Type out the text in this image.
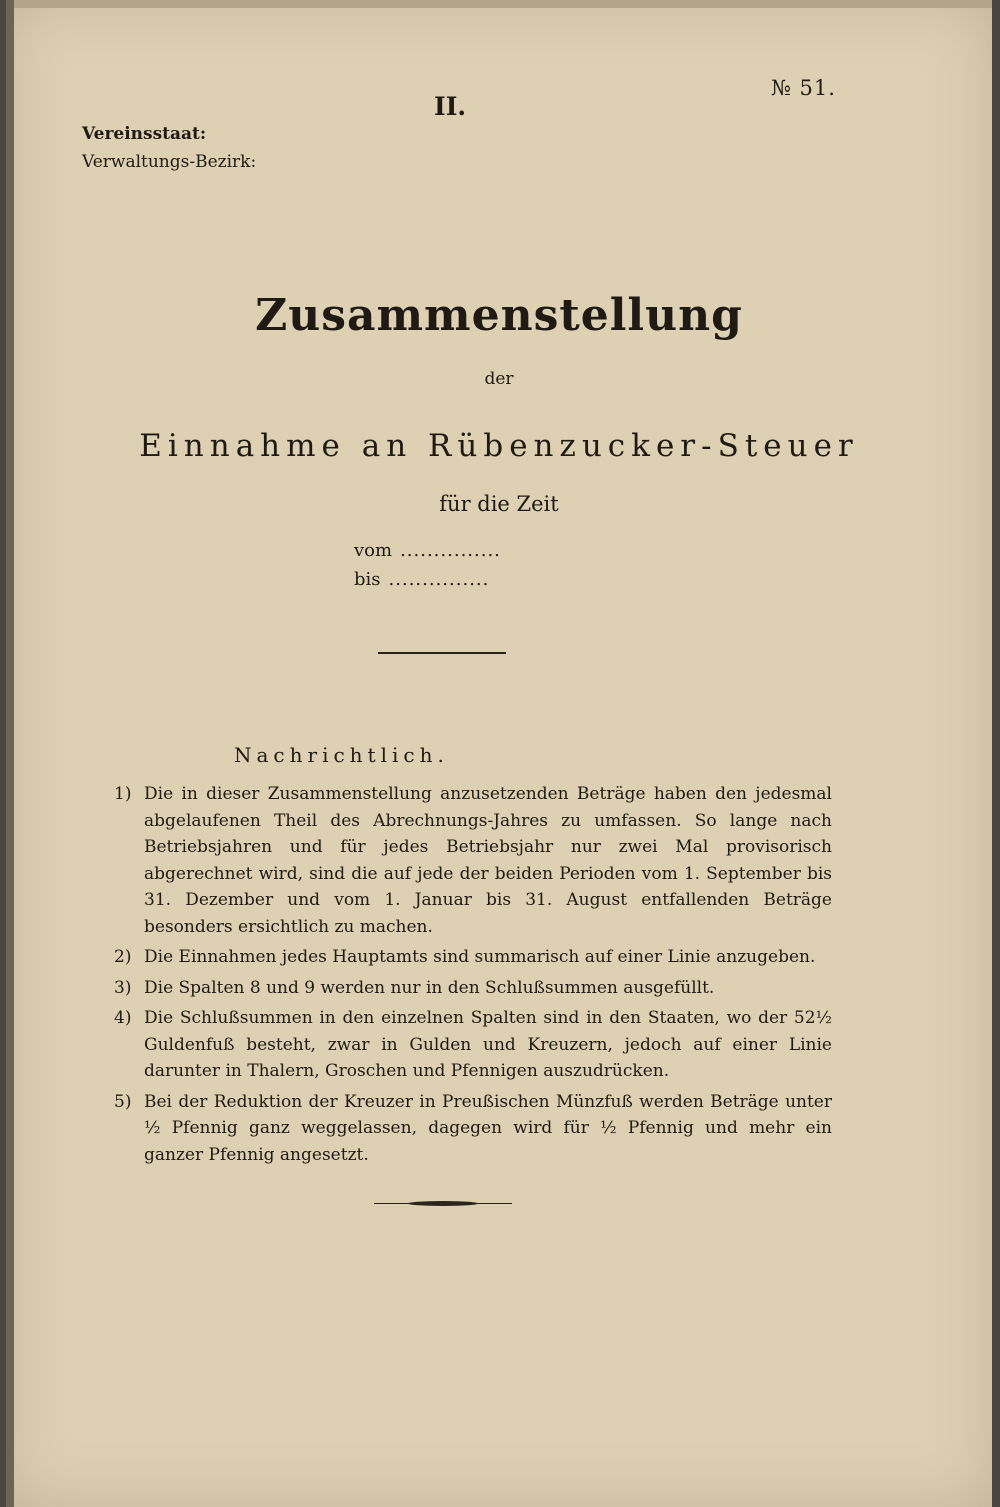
№ 51.
II.
Vereinsstaat:
Verwaltungs-Bezirk:
Zusammenstellung
der
Einnahme an Rübenzucker-Steuer
für die Zeit
vom ...............
bis ...............
Nachrichtlich.
1) Die in dieser Zusammenstellung anzusetzenden Beträge haben den jedesmal abgelaufenen Theil des Abrechnungs-Jahres zu umfassen. So lange nach Betriebsjahren und für jedes Betriebsjahr nur zwei Mal provisorisch abgerechnet wird, sind die auf jede der beiden Perioden vom 1. September bis 31. Dezember und vom 1. Januar bis 31. August entfallenden Beträge besonders ersichtlich zu machen.
2) Die Einnahmen jedes Hauptamts sind summarisch auf einer Linie anzugeben.
3) Die Spalten 8 und 9 werden nur in den Schlußsummen ausgefüllt.
4) Die Schlußsummen in den einzelnen Spalten sind in den Staaten, wo der 52½ Guldenfuß besteht, zwar in Gulden und Kreuzern, jedoch auf einer Linie darunter in Thalern, Groschen und Pfennigen auszudrücken.
5) Bei der Reduktion der Kreuzer in Preußischen Münzfuß werden Beträge unter ½ Pfennig ganz weggelassen, dagegen wird für ½ Pfennig und mehr ein ganzer Pfennig angesetzt.
